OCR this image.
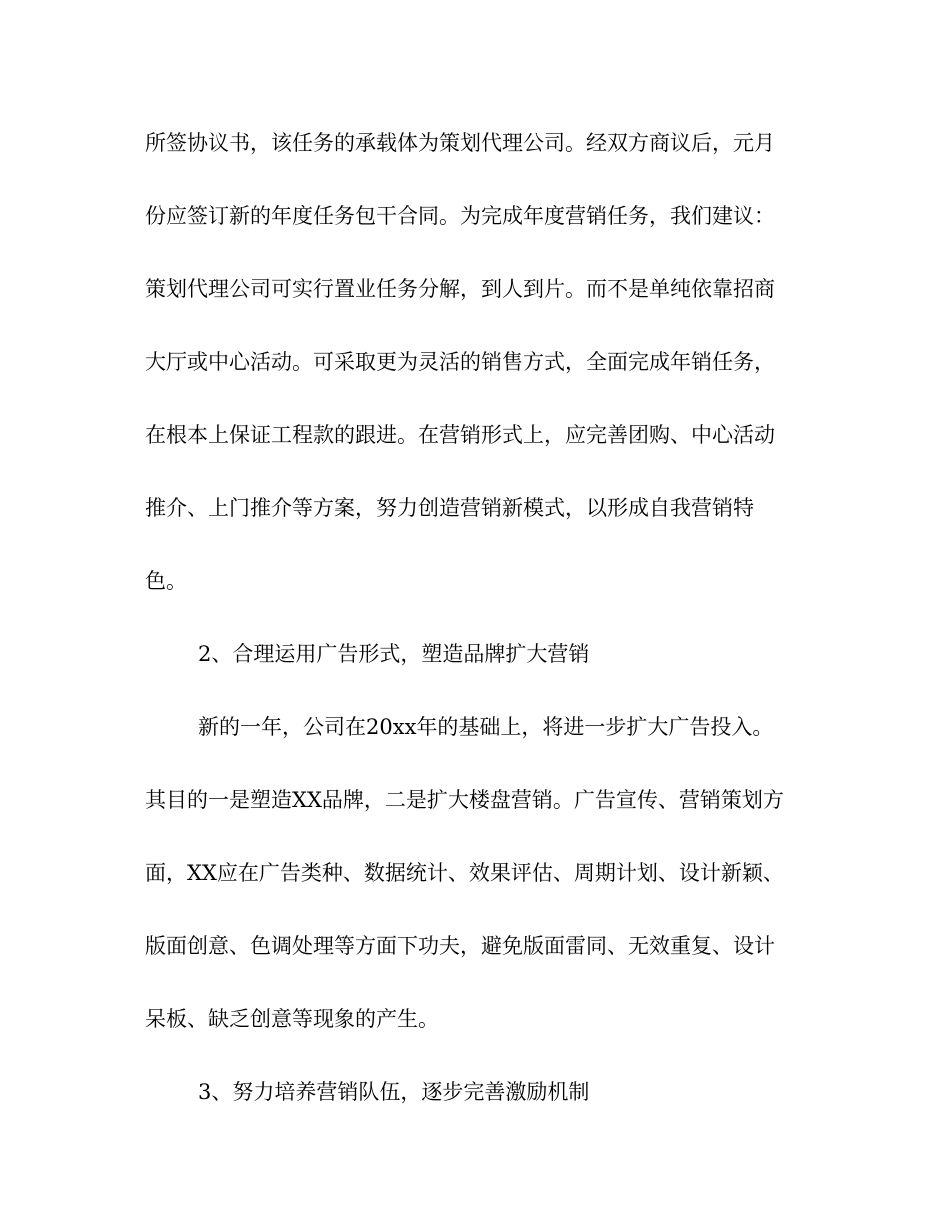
所签协议书，该任务的承载体为策划代理公司。经双方商议后，元月
份应签订新的年度任务包干合同。为完成年度营销任务，我们建议：
策划代理公司可实行置业任务分解，到人到片。而不是单纯依靠招商
大厅或中心活动。可采取更为灵活的销售方式，全面完成年销任务，
在根本上保证工程款的跟进。在营销形式上，应完善团购、中心活动
推介、上门推介等方案，努力创造营销新模式，以形成自我营销特
色。
2、合理运用广告形式，塑造品牌扩大营销
新的一年，公司在20xx年的基础上，将进一步扩大广告投入。
其目的一是塑造XX品牌，二是扩大楼盘营销。广告宣传、营销策划方
面，XX应在广告类种、数据统计、效果评估、周期计划、设计新颖、
版面创意、色调处理等方面下功夫，避免版面雷同、无效重复、设计
呆板、缺乏创意等现象的产生。
3、努力培养营销队伍，逐步完善激励机制
